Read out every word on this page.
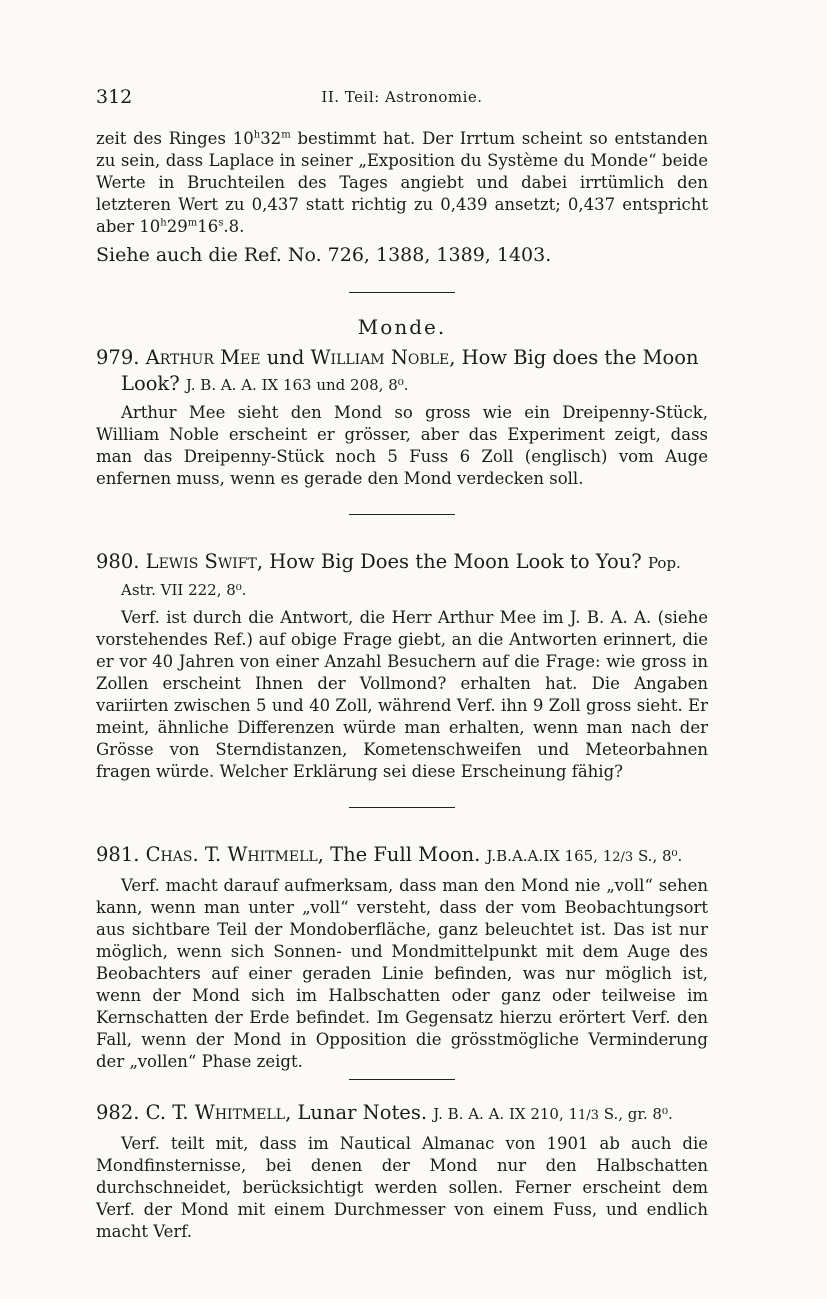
312	II. Teil: Astronomie.

zeit des Ringes 10$^h$32$^m$ bestimmt hat. Der Irrtum scheint so entstanden zu sein, dass Laplace in seiner „Exposition du Système du Monde“ beide Werte in Bruchteilen des Tages angiebt und dabei irrtümlich den letzteren Wert zu 0,437 statt richtig zu 0,439 ansetzt; 0,437 entspricht aber 10$^h$29$^m$16$^s$.8.

Siehe auch die Ref. No. 726, 1388, 1389, 1403.

Monde.

979. Arthur Mee und William Noble, How Big does the Moon Look? J. B. A. A. IX 163 und 208, 8⁰.

Arthur Mee sieht den Mond so gross wie ein Dreipenny-Stück, William Noble erscheint er grösser, aber das Experiment zeigt, dass man das Dreipenny-Stück noch 5 Fuss 6 Zoll (englisch) vom Auge enfernen muss, wenn es gerade den Mond verdecken soll.

980. Lewis Swift, How Big Does the Moon Look to You? Pop. Astr. VII 222, 8⁰.

Verf. ist durch die Antwort, die Herr Arthur Mee im J. B. A. A. (siehe vorstehendes Ref.) auf obige Frage giebt, an die Antworten erinnert, die er vor 40 Jahren von einer Anzahl Besuchern auf die Frage: wie gross in Zollen erscheint Ihnen der Vollmond? erhalten hat. Die Angaben variirten zwischen 5 und 40 Zoll, während Verf. ihn 9 Zoll gross sieht. Er meint, ähnliche Differenzen würde man erhalten, wenn man nach der Grösse von Sterndistanzen, Kometenschweifen und Meteorbahnen fragen würde. Welcher Erklärung sei diese Erscheinung fähig?

981. Chas. T. Whitmell, The Full Moon. J.B.A.A.IX 165, 12/3 S., 8⁰.

Verf. macht darauf aufmerksam, dass man den Mond nie „voll“ sehen kann, wenn man unter „voll“ versteht, dass der vom Beobachtungsort aus sichtbare Teil der Mondoberfläche, ganz beleuchtet ist. Das ist nur möglich, wenn sich Sonnen- und Mondmittelpunkt mit dem Auge des Beobachters auf einer geraden Linie befinden, was nur möglich ist, wenn der Mond sich im Halbschatten oder ganz oder teilweise im Kernschatten der Erde befindet. Im Gegensatz hierzu erörtert Verf. den Fall, wenn der Mond in Opposition die grösstmögliche Verminderung der „vollen“ Phase zeigt.

982. C. T. Whitmell, Lunar Notes. J. B. A. A. IX 210, 11/3 S., gr. 8⁰.

Verf. teilt mit, dass im Nautical Almanac von 1901 ab auch die Mondfinsternisse, bei denen der Mond nur den Halbschatten durchschneidet, berücksichtigt werden sollen. Ferner erscheint dem Verf. der Mond mit einem Durchmesser von einem Fuss, und endlich macht Verf.
